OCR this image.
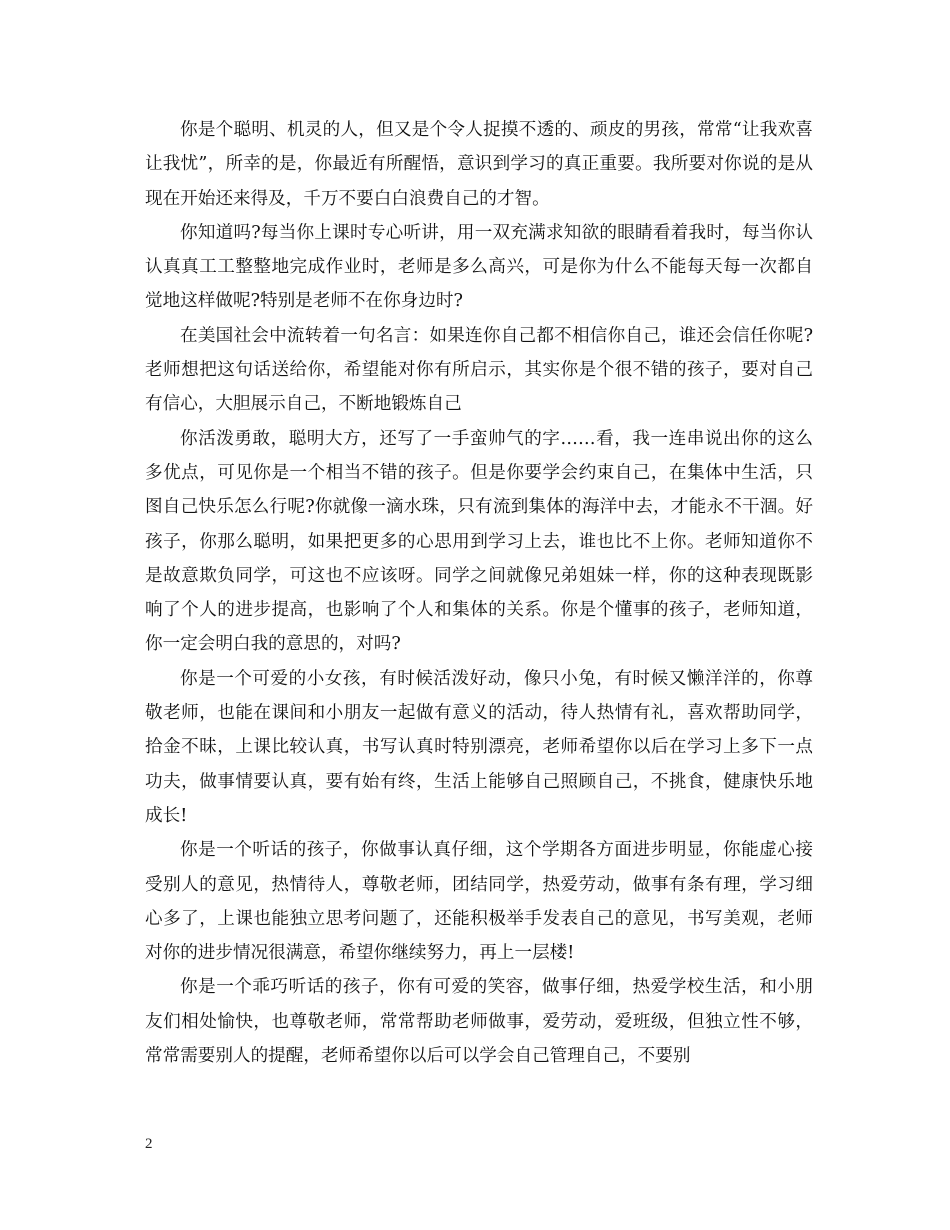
你是个聪明、机灵的人，但又是个令人捉摸不透的、顽皮的男孩，常常“让我欢喜让我忧”，所幸的是，你最近有所醒悟，意识到学习的真正重要。我所要对你说的是从现在开始还来得及，千万不要白白浪费自己的才智。

你知道吗?每当你上课时专心听讲，用一双充满求知欲的眼睛看着我时，每当你认认真真工工整整地完成作业时，老师是多么高兴，可是你为什么不能每天每一次都自觉地这样做呢?特别是老师不在你身边时?

在美国社会中流转着一句名言：如果连你自己都不相信你自己，谁还会信任你呢?老师想把这句话送给你，希望能对你有所启示，其实你是个很不错的孩子，要对自己有信心，大胆展示自己，不断地锻炼自己

你活泼勇敢，聪明大方，还写了一手蛮帅气的字……看，我一连串说出你的这么多优点，可见你是一个相当不错的孩子。但是你要学会约束自己，在集体中生活，只图自己快乐怎么行呢?你就像一滴水珠，只有流到集体的海洋中去，才能永不干涸。好孩子，你那么聪明，如果把更多的心思用到学习上去，谁也比不上你。老师知道你不是故意欺负同学，可这也不应该呀。同学之间就像兄弟姐妹一样，你的这种表现既影响了个人的进步提高，也影响了个人和集体的关系。你是个懂事的孩子，老师知道，你一定会明白我的意思的，对吗?

你是一个可爱的小女孩，有时候活泼好动，像只小兔，有时候又懒洋洋的，你尊敬老师，也能在课间和小朋友一起做有意义的活动，待人热情有礼，喜欢帮助同学，拾金不昧，上课比较认真，书写认真时特别漂亮，老师希望你以后在学习上多下一点功夫，做事情要认真，要有始有终，生活上能够自己照顾自己，不挑食，健康快乐地成长!

你是一个听话的孩子，你做事认真仔细，这个学期各方面进步明显，你能虚心接受别人的意见，热情待人，尊敬老师，团结同学，热爱劳动，做事有条有理，学习细心多了，上课也能独立思考问题了，还能积极举手发表自己的意见，书写美观，老师对你的进步情况很满意，希望你继续努力，再上一层楼!

你是一个乖巧听话的孩子，你有可爱的笑容，做事仔细，热爱学校生活，和小朋友们相处愉快，也尊敬老师，常常帮助老师做事，爱劳动，爱班级，但独立性不够，常常需要别人的提醒，老师希望你以后可以学会自己管理自己，不要别

2
